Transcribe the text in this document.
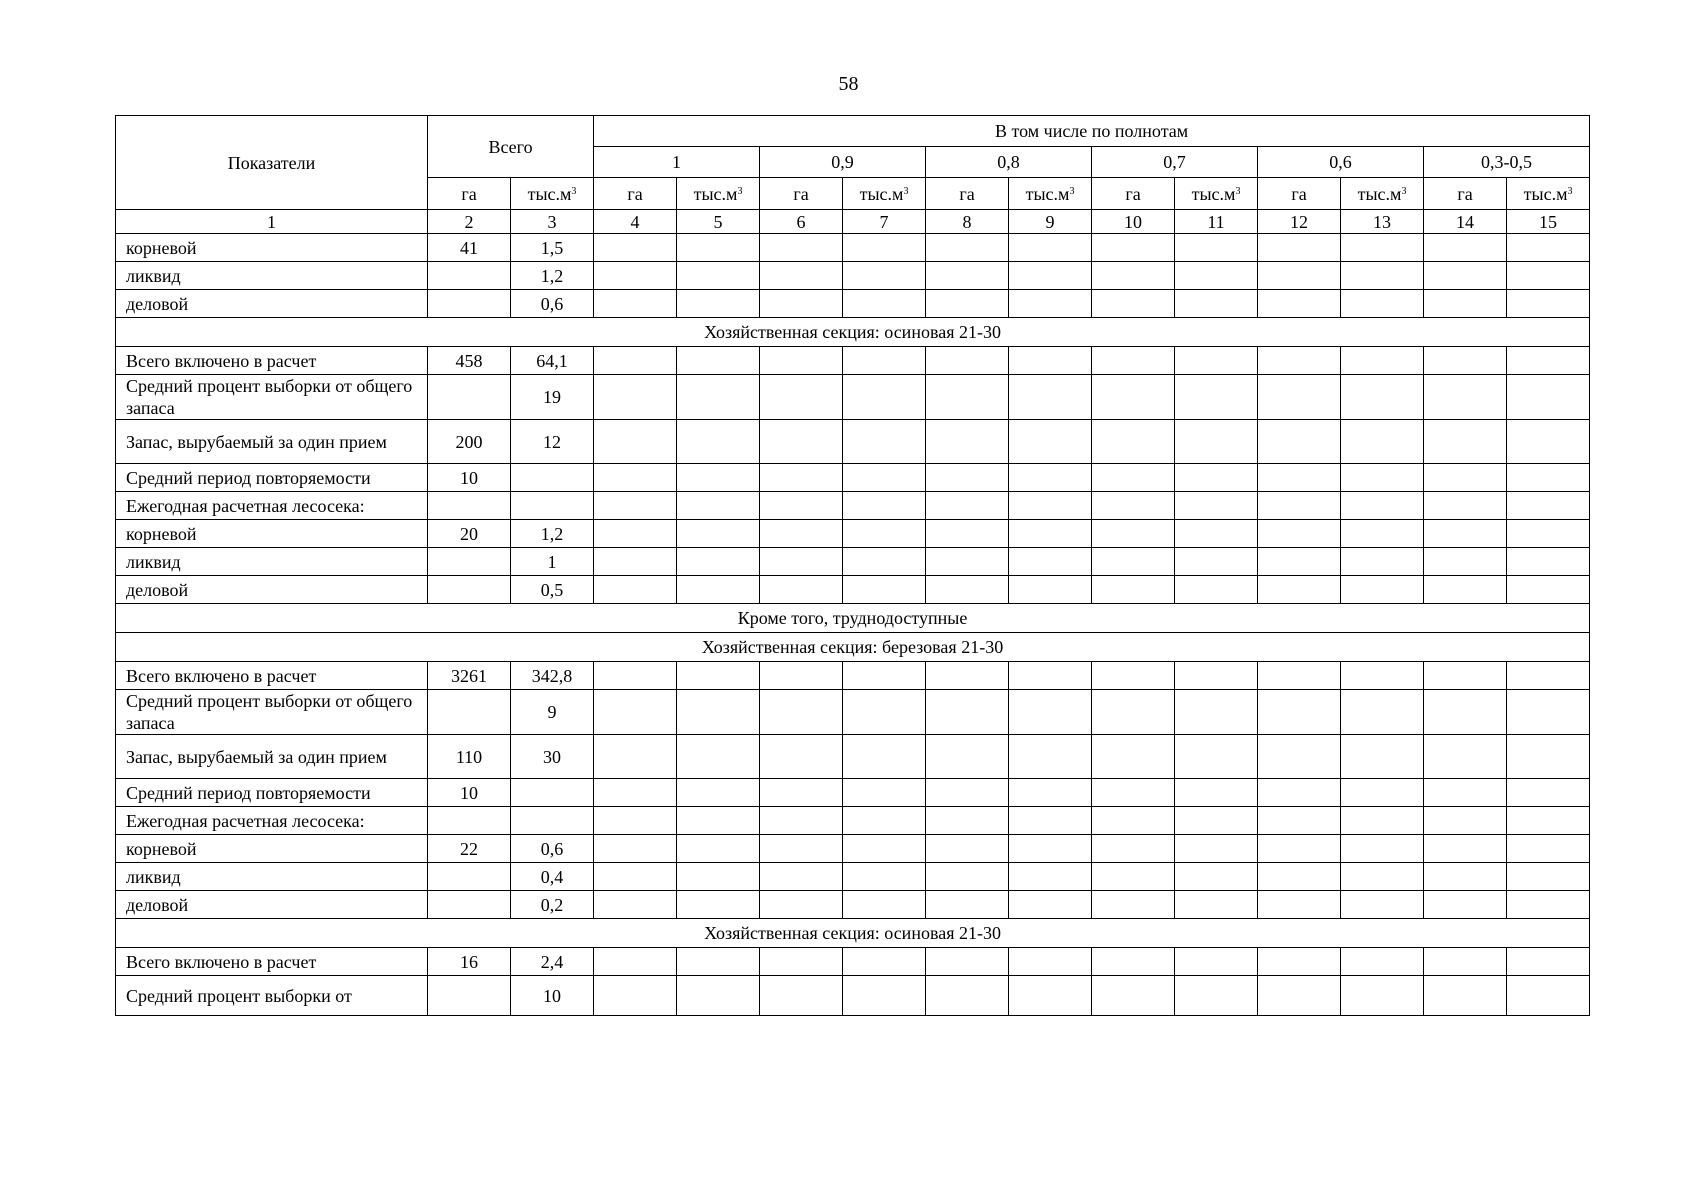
58
Показатели	Всего		В том числе по полнотам											
			1		0,9		0,8		0,7		0,6		0,3-0,5	
	га	$тыс.м^3$	га	$тыс.м^3$	га	$тыс.м^3$	га	$тыс.м^3$	га	$тыс.м^3$	га	$тыс.м^3$	га	$тыс.м^3$
1	2	3	4	5	6	7	8	9	10	11	12	13	14	15
корневой	41	1,5												
ликвид		1,2												
деловой		0,6												
Хозяйственная секция: осиновая 21-30														
Всего включено в расчет	458	64,1												
Средний процент выборки от общего запаса		19												
Запас, вырубаемый за один прием	200	12												
Средний период повторяемости	10													
Ежегодная расчетная лесосека:														
корневой	20	1,2												
ликвид		1												
деловой		0,5												
Кроме того, труднодоступные														
Хозяйственная секция: березовая 21-30														
Всего включено в расчет	3261	342,8												
Средний процент выборки от общего запаса		9												
Запас, вырубаемый за один прием	110	30												
Средний период повторяемости	10													
Ежегодная расчетная лесосека:														
корневой	22	0,6												
ликвид		0,4												
деловой		0,2												
Хозяйственная секция: осиновая 21-30														
Всего включено в расчет	16	2,4												
Средний процент выборки от		10												
